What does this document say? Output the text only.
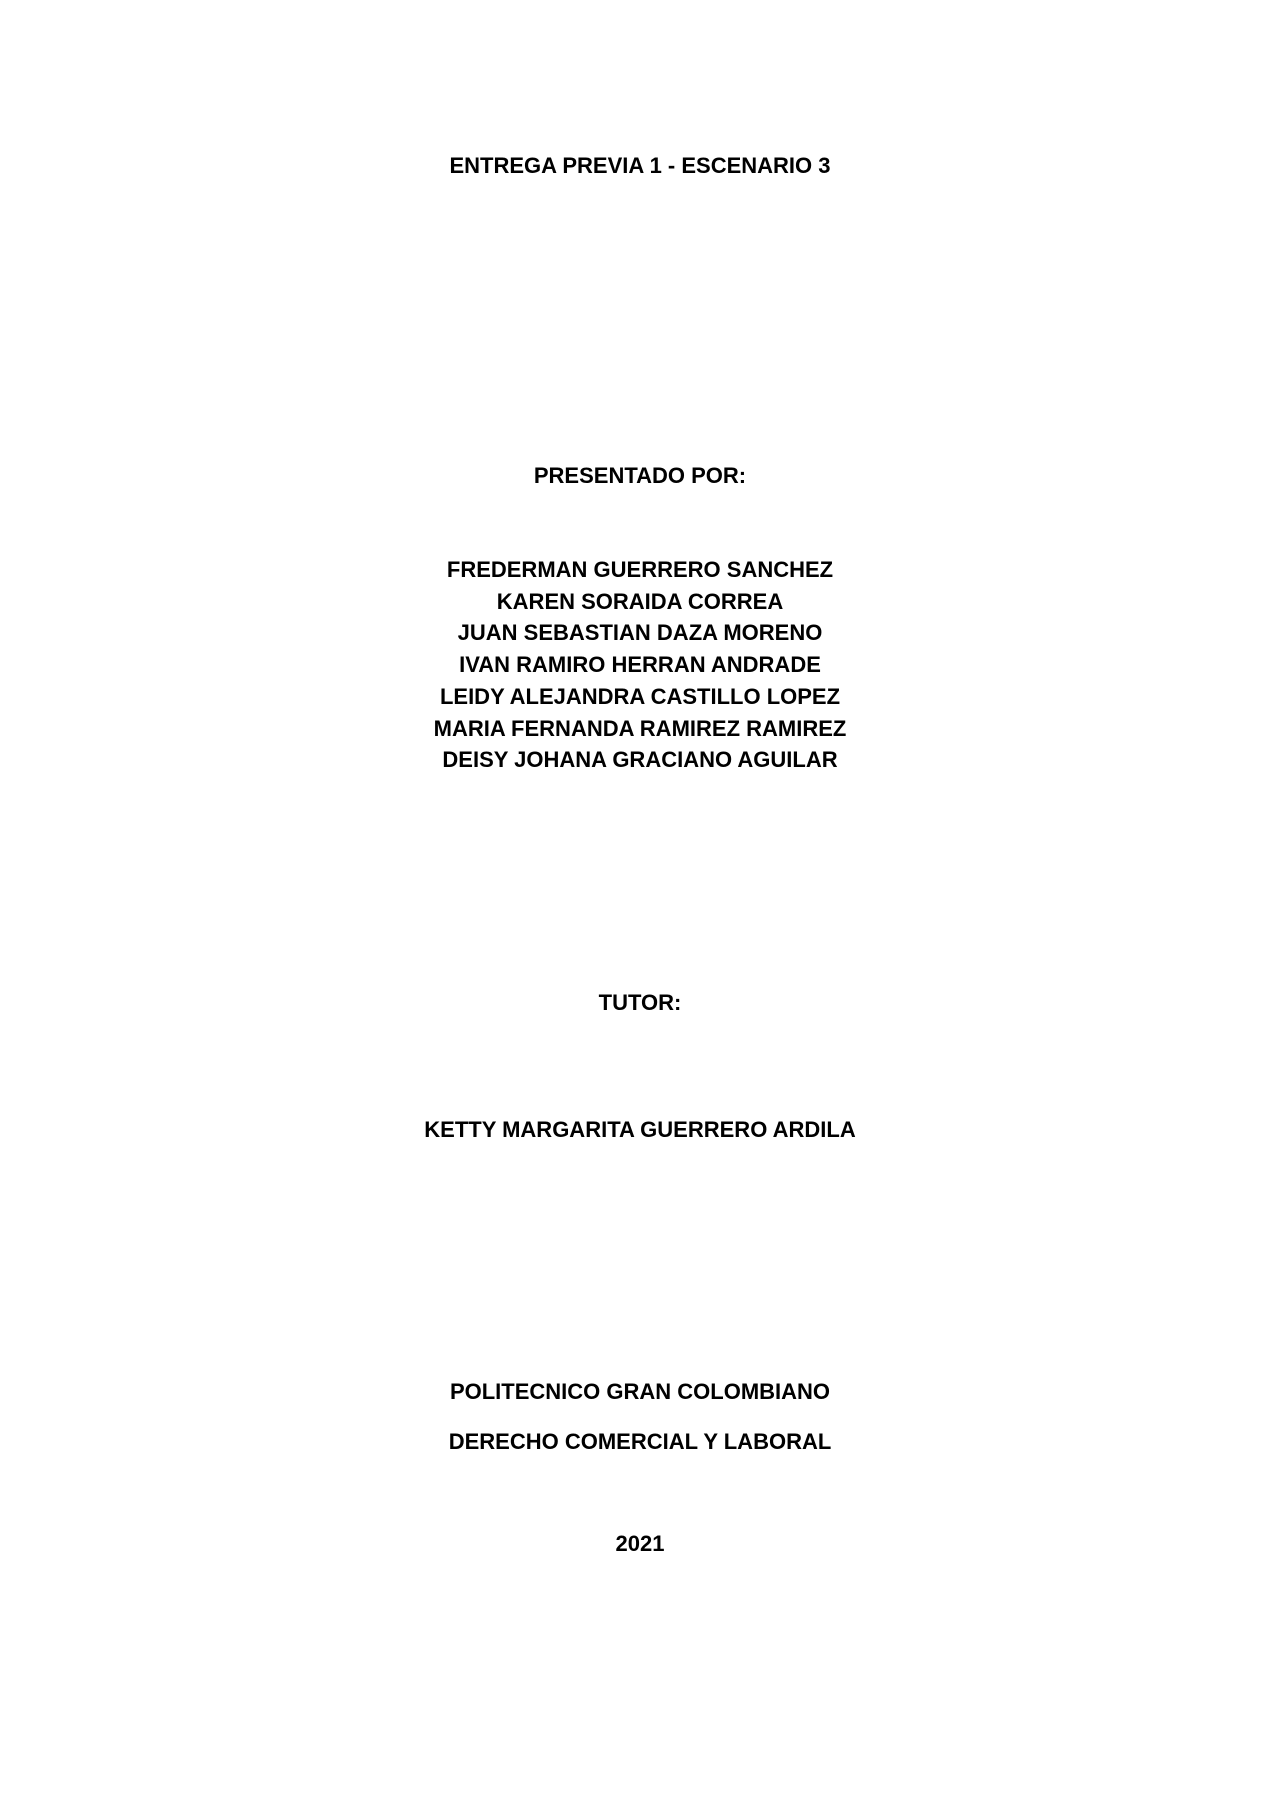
ENTREGA PREVIA 1 - ESCENARIO 3
PRESENTADO POR:
FREDERMAN GUERRERO SANCHEZ
KAREN SORAIDA CORREA
JUAN SEBASTIAN DAZA MORENO
IVAN RAMIRO HERRAN ANDRADE
LEIDY ALEJANDRA CASTILLO LOPEZ
MARIA FERNANDA RAMIREZ RAMIREZ
DEISY JOHANA GRACIANO AGUILAR
TUTOR:
KETTY MARGARITA GUERRERO ARDILA
POLITECNICO GRAN COLOMBIANO
DERECHO COMERCIAL Y LABORAL
2021
